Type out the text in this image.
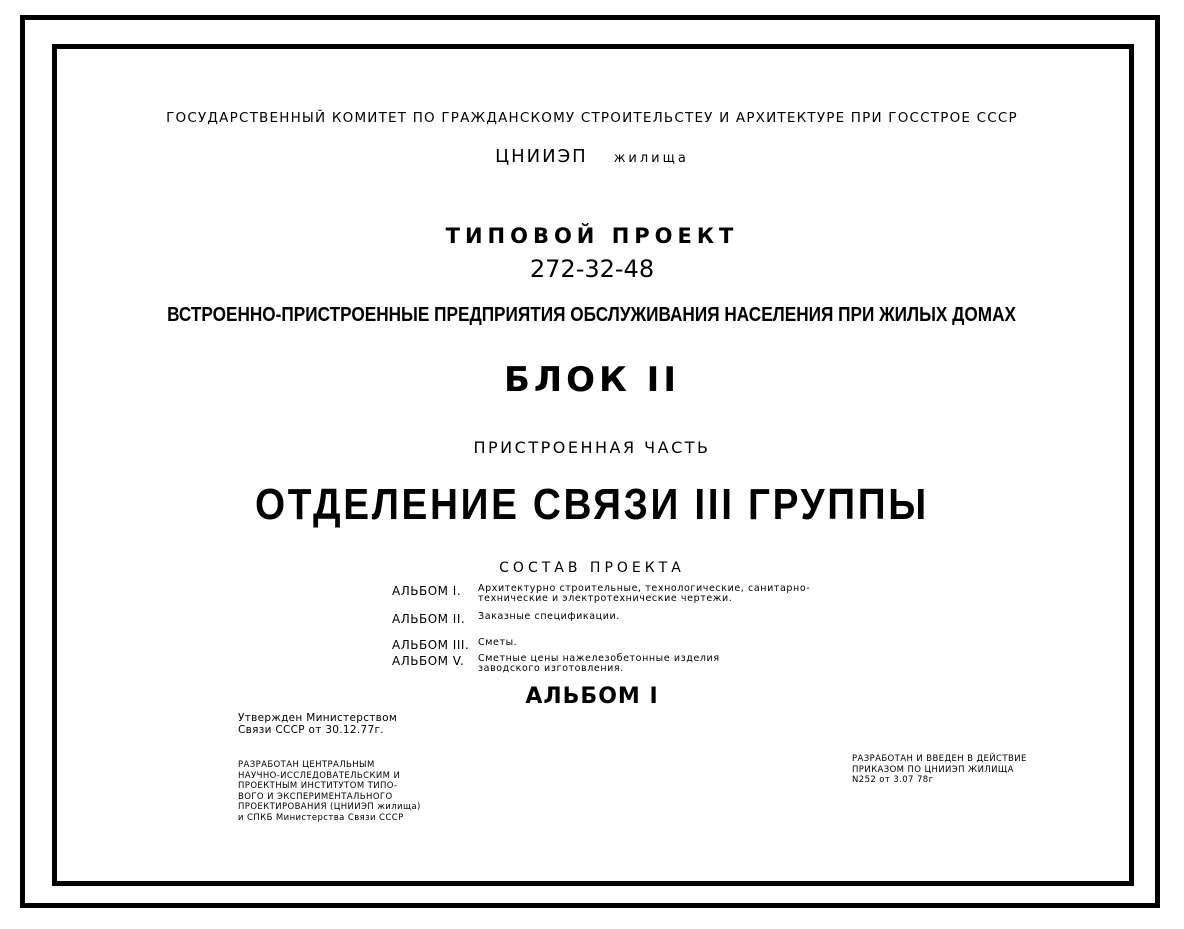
ГОСУДАРСТВЕННЫЙ КОМИТЕТ ПО ГРАЖДАНСКОМУ СТРОИТЕЛЬСТЕУ И АРХИТЕКТУРЕ ПРИ ГОССТРОЕ СССР
ЦНИИЭП жилища
ТИПОВОЙ ПРОЕКТ
272-32-48
ВСТРОЕННО-ПРИСТРОЕННЫЕ ПРЕДПРИЯТИЯ ОБСЛУЖИВАНИЯ НАСЕЛЕНИЯ ПРИ ЖИЛЫХ ДОМАХ
БЛОК II
ПРИСТРОЕННАЯ ЧАСТЬ
ОТДЕЛЕНИЕ СВЯЗИ III ГРУППЫ
СОСТАВ ПРОЕКТА
АЛЬБОМ I. Архитектурно строительные, технологические, санитарно-
технические и электротехнические чертежи.
АЛЬБОМ II. Заказные спецификации.
АЛЬБОМ III. Сметы.
АЛЬБОМ V. Сметные цены нажелезобетонные изделия
заводского изготовления.
АЛЬБОМ I
Утвержден Министерством
Связи СССР от 30.12.77г.
РАЗРАБОТАН ЦЕНТРАЛЬНЫМ
НАУЧНО-ИССЛЕДОВАТЕЛЬСКИМ И
ПРОЕКТНЫМ ИНСТИТУТОМ ТИПО-
ВОГО И ЭКСПЕРИМЕНТАЛЬНОГО
ПРОЕКТИРОВАНИЯ (ЦНИИЭП жилища)
и СПКБ Министерства Связи СССР
РАЗРАБОТАН И ВВЕДЕН В ДЕЙСТВИЕ
ПРИКАЗОМ ПО ЦНИИЭП ЖИЛИЩА
N252 от 3.07 78г
